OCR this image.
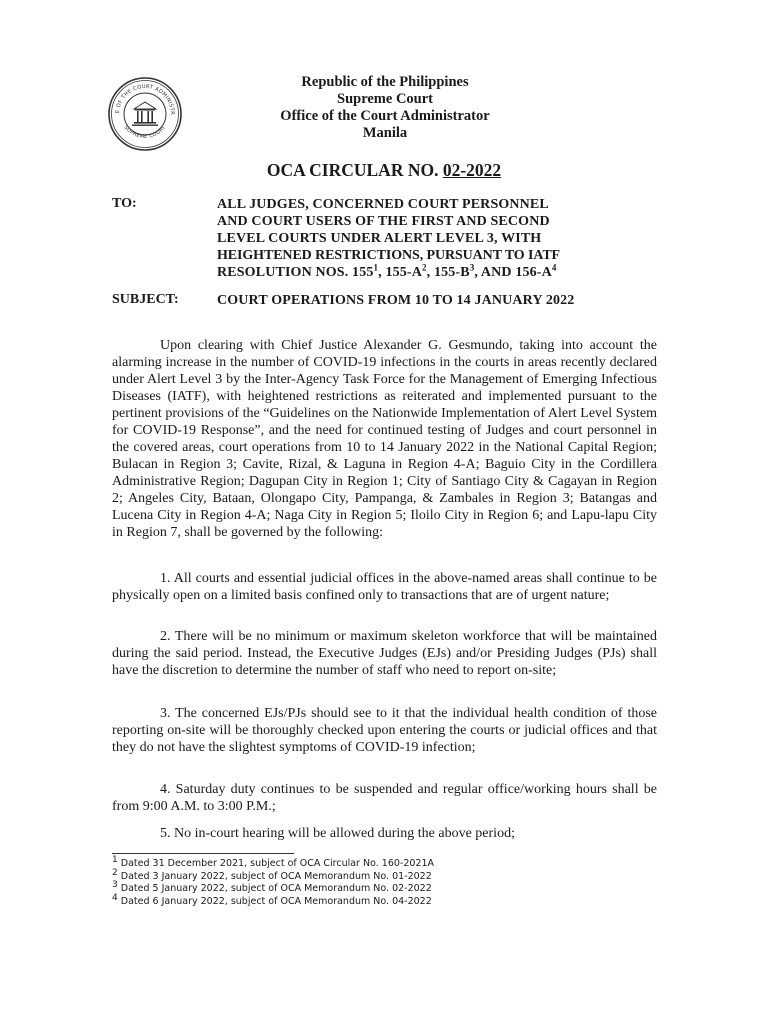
E OF THE COURT ADMINISTR
SUPREME COURT
Republic of the Philippines
Supreme Court
Office of the Court Administrator
Manila
OCA CIRCULAR NO. 02-2022
TO:	ALL JUDGES, CONCERNED COURT PERSONNEL
AND COURT USERS OF THE FIRST AND SECOND
LEVEL COURTS UNDER ALERT LEVEL 3, WITH
HEIGHTENED RESTRICTIONS, PURSUANT TO IATF
RESOLUTION NOS. $155^1$, $155-A^2$, $155-B^3$, AND $156-A^4$
SUBJECT:	COURT OPERATIONS FROM 10 TO 14 JANUARY 2022

Upon clearing with Chief Justice Alexander G. Gesmundo, taking into account the alarming increase in the number of COVID-19 infections in the courts in areas recently declared under Alert Level 3 by the Inter-Agency Task Force for the Management of Emerging Infectious Diseases (IATF), with heightened restrictions as reiterated and implemented pursuant to the pertinent provisions of the “Guidelines on the Nationwide Implementation of Alert Level System for COVID-19 Response”, and the need for continued testing of Judges and court personnel in the covered areas, court operations from 10 to 14 January 2022 in the National Capital Region; Bulacan in Region 3; Cavite, Rizal, & Laguna in Region 4-A; Baguio City in the Cordillera Administrative Region; Dagupan City in Region 1; City of Santiago City & Cagayan in Region 2; Angeles City, Bataan, Olongapo City, Pampanga, & Zambales in Region 3; Batangas and Lucena City in Region 4-A; Naga City in Region 5; Iloilo City in Region 6; and Lapu-lapu City in Region 7, shall be governed by the following:

1. All courts and essential judicial offices in the above-named areas shall continue to be physically open on a limited basis confined only to transactions that are of urgent nature;

2. There will be no minimum or maximum skeleton workforce that will be maintained during the said period. Instead, the Executive Judges (EJs) and/or Presiding Judges (PJs) shall have the discretion to determine the number of staff who need to report on-site;

3. The concerned EJs/PJs should see to it that the individual health condition of those reporting on-site will be thoroughly checked upon entering the courts or judicial offices and that they do not have the slightest symptoms of COVID-19 infection;

4. Saturday duty continues to be suspended and regular office/working hours shall be from 9:00 A.M. to 3:00 P.M.;

5. No in-court hearing will be allowed during the above period;

$^1$ Dated 31 December 2021, subject of OCA Circular No. 160-2021A
$^2$ Dated 3 January 2022, subject of OCA Memorandum No. 01-2022
$^3$ Dated 5 January 2022, subject of OCA Memorandum No. 02-2022
$^4$ Dated 6 January 2022, subject of OCA Memorandum No. 04-2022
